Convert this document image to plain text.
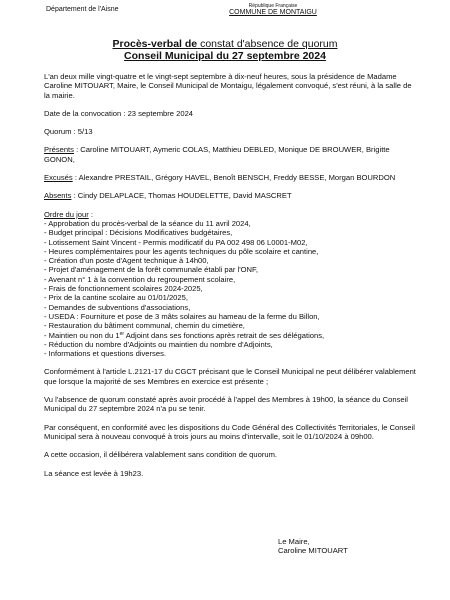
Département de l'Aisne	République Française
COMMUNE DE MONTAIGU
Procès-verbal de constat d'absence de quorum
Conseil Municipal du 27 septembre 2024

L'an deux mille vingt-quatre et le vingt-sept septembre à dix-neuf heures, sous la présidence de Madame Caroline MITOUART, Maire, le Conseil Municipal de Montaigu, légalement convoqué, s'est réuni, à la salle de la mairie.

Date de la convocation : 23 septembre 2024

Quorum : 5/13

Présents : Caroline MITOUART, Aymeric COLAS, Matthieu DEBLED, Monique DE BROUWER, Brigitte GONON,

Excusés : Alexandre PRESTAIL, Grégory HAVEL, Benoît BENSCH, Freddy BESSE, Morgan BOURDON

Absents : Cindy DELAPLACE, Thomas HOUDELETTE, David MASCRET

Ordre du jour :

- Approbation du procès-verbal de la séance du 11 avril 2024,

- Budget principal : Décisions Modificatives budgétaires,

- Lotissement Saint Vincent - Permis modificatif du PA 002 498 06 L0001-M02,

- Heures complémentaires pour les agents techniques du pôle scolaire et cantine,

- Création d'un poste d'Agent technique à 14h00,

- Projet d'aménagement de la forêt communale établi par l'ONF,

- Avenant n° 1 à la convention du regroupement scolaire,

- Frais de fonctionnement scolaires 2024-2025,

- Prix de la cantine scolaire au 01/01/2025,

- Demandes de subventions d'associations,

- USEDA : Fourniture et pose de 3 mâts solaires au hameau de la ferme du Billon,

- Restauration du bâtiment communal, chemin du cimetière,

- Maintien ou non du 1er Adjoint dans ses fonctions après retrait de ses délégations,

- Réduction du nombre d'Adjoints ou maintien du nombre d'Adjoints,

- Informations et questions diverses.

Conformément à l'article L.2121-17 du CGCT précisant que le Conseil Municipal ne peut délibérer valablement que lorsque la majorité de ses Membres en exercice est présente ;

Vu l'absence de quorum constaté après avoir procédé à l'appel des Membres à 19h00, la séance du Conseil Municipal du 27 septembre 2024 n'a pu se tenir.

Par conséquent, en conformité avec les dispositions du Code Général des Collectivités Territoriales, le Conseil Municipal sera à nouveau convoqué à trois jours au moins d'intervalle, soit le 01/10/2024 à 09h00.

A cette occasion, il délibérera valablement sans condition de quorum.

La séance est levée à 19h23.

Le Maire,

Caroline MITOUART
